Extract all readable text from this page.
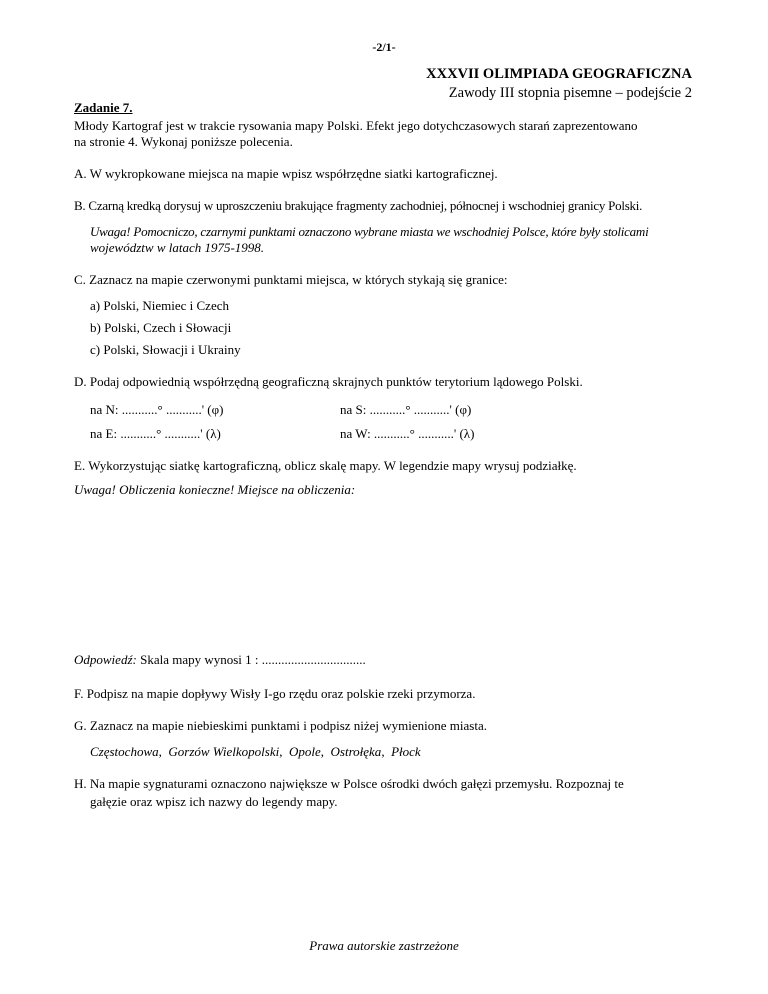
-2/1-
XXXVII OLIMPIADA GEOGRAFICZNA
Zawody III stopnia pisemne – podejście 2
Zadanie 7.
Młody Kartograf jest w trakcie rysowania mapy Polski. Efekt jego dotychczasowych starań zaprezentowano
na stronie 4. Wykonaj poniższe polecenia.
A. W wykropkowane miejsca na mapie wpisz współrzędne siatki kartograficznej.
B. Czarną kredką dorysuj w uproszczeniu brakujące fragmenty zachodniej, północnej i wschodniej granicy Polski.
Uwaga! Pomocniczo, czarnymi punktami oznaczono wybrane miasta we wschodniej Polsce, które były stolicami
województw w latach 1975-1998.
C. Zaznacz na mapie czerwonymi punktami miejsca, w których stykają się granice:
a) Polski, Niemiec i Czech
b) Polski, Czech i Słowacji
c) Polski, Słowacji i Ukrainy
D. Podaj odpowiednią współrzędną geograficzną skrajnych punktów terytorium lądowego Polski.
na N: ...........° ...........' (φ)	na S: ...........° ...........' (φ)
na E: ...........° ...........' (λ)	na W: ...........° ...........' (λ)
E. Wykorzystując siatkę kartograficzną, oblicz skalę mapy. W legendzie mapy wrysuj podziałkę.
Uwaga! Obliczenia konieczne! Miejsce na obliczenia:
Odpowiedź: Skala mapy wynosi 1 : ................................
F. Podpisz na mapie dopływy Wisły I-go rzędu oraz polskie rzeki przymorza.
G. Zaznacz na mapie niebieskimi punktami i podpisz niżej wymienione miasta.
Częstochowa, Gorzów Wielkopolski, Opole, Ostrołęka, Płock
H. Na mapie sygnaturami oznaczono największe w Polsce ośrodki dwóch gałęzi przemysłu. Rozpoznaj te
gałęzie oraz wpisz ich nazwy do legendy mapy.
Prawa autorskie zastrzeżone
